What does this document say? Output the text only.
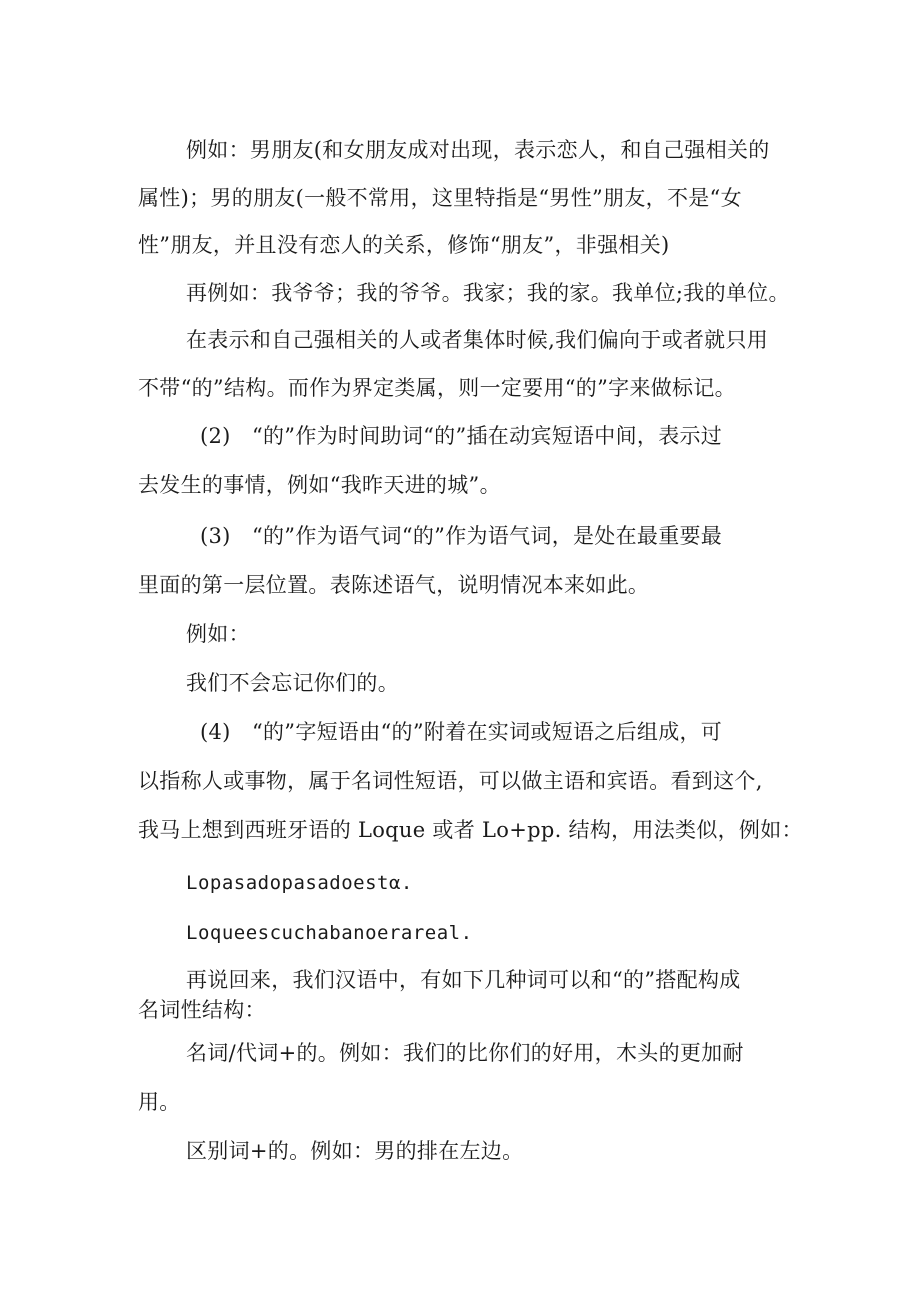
例如：男朋友(和女朋友成对出现，表示恋人，和自己强相关的
属性)；男的朋友(一般不常用，这里特指是“男性”朋友，不是“女
性”朋友，并且没有恋人的关系，修饰“朋友”，非强相关)
再例如：我爷爷；我的爷爷。我家；我的家。我单位;我的单位。
在表示和自己强相关的人或者集体时候,我们偏向于或者就只用
不带“的”结构。而作为界定类属，则一定要用“的”字来做标记。
(2)　“的”作为时间助词“的”插在动宾短语中间，表示过
去发生的事情，例如“我昨天进的城”。
(3)　“的”作为语气词“的”作为语气词，是处在最重要最
里面的第一层位置。表陈述语气，说明情况本来如此。
例如：
我们不会忘记你们的。
(4)　“的”字短语由“的”附着在实词或短语之后组成，可
以指称人或事物，属于名词性短语，可以做主语和宾语。看到这个,
我马上想到西班牙语的 Loque 或者 Lo+pp. 结构，用法类似，例如：
Lopasadopasadoestα.
Loqueescuchabanoerareal.
再说回来，我们汉语中，有如下几种词可以和“的”搭配构成
名词性结构：
名词/代词+的。例如：我们的比你们的好用，木头的更加耐
用。
区别词+的。例如：男的排在左边。
